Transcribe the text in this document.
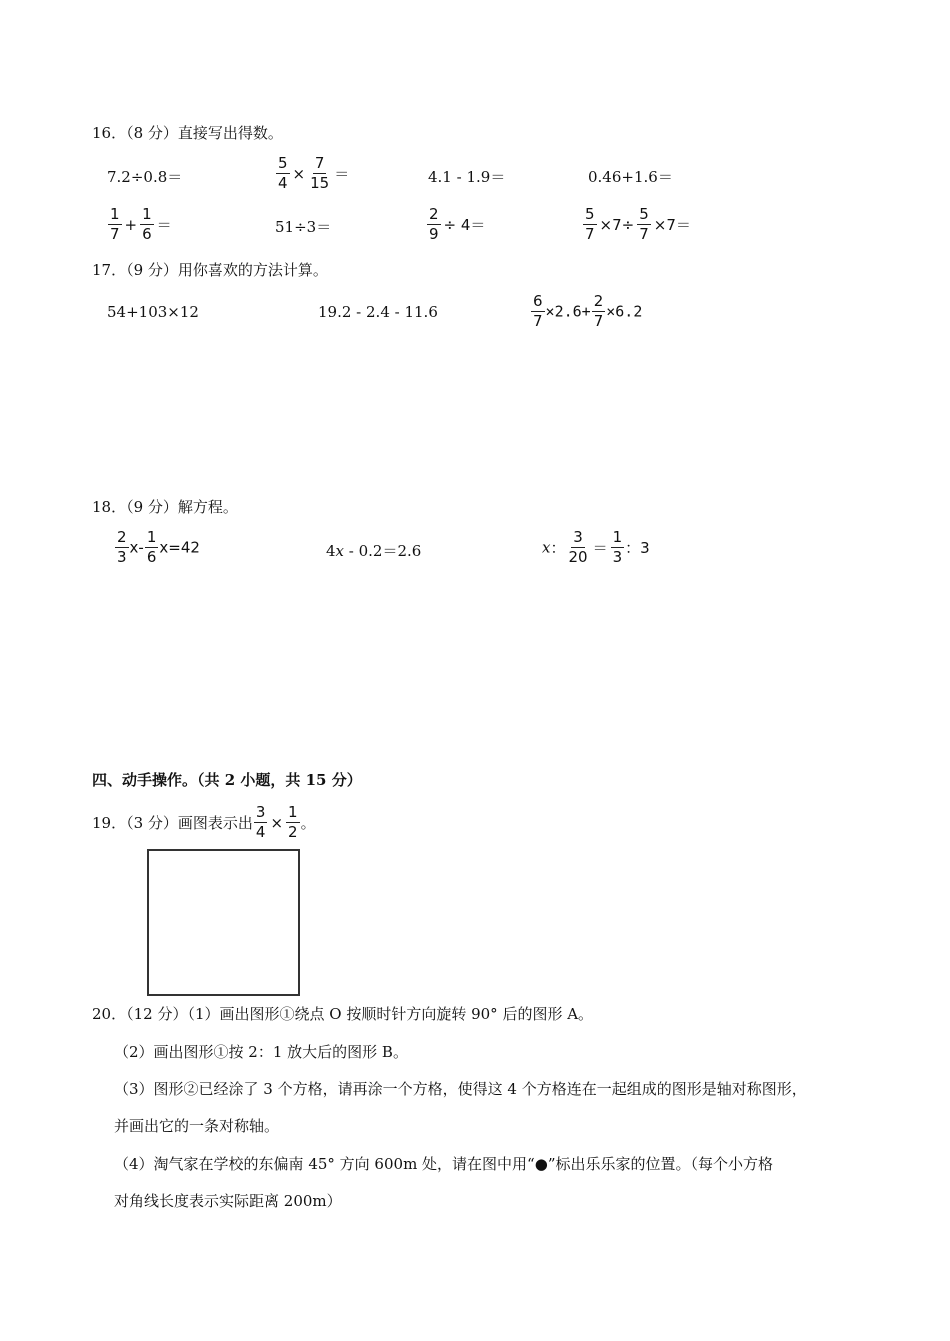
16．（8 分）直接写出得数。
7.2÷0.8＝	$\frac{5}{4} \times \frac{7}{15}$ ＝	4.1 - 1.9＝	0.46+1.6＝
$\frac{1}{7} + \frac{1}{6}$ ＝	51÷3＝	$\frac{2}{9} \div 4=$	$\frac{5}{7} \times 7\div \frac{5}{7} \times 7=$
17．（9 分）用你喜欢的方法计算。
54+103×12	19.2 - 2.4 - 11.6	$\frac{6}{7} \times 2.6+ \frac{2}{7} \times 6.2$
18．（9 分）解方程。
$\frac{2}{3} x- \frac{1}{6} x=42$	4x - 0.2＝2.6	x： $\frac{3}{20} = \frac{1}{3}$ ：3
四、动手操作。（共 2 小题，共 15 分）
19．（3 分）画图表示出 $\frac{3}{4} \times \frac{1}{2}$ 。
20．（12 分）（1）画出图形①绕点 O 按顺时针方向旋转 90° 后的图形 A。
（2）画出图形①按 2：1 放大后的图形 B。
（3）图形②已经涂了 3 个方格，请再涂一个方格，使得这 4 个方格连在一起组成的图形是轴对称图形，
并画出它的一条对称轴。
（4）淘气家在学校的东偏南 45° 方向 600m 处，请在图中用“●”标出乐乐家的位置。（每个小方格
对角线长度表示实际距离 200m）
